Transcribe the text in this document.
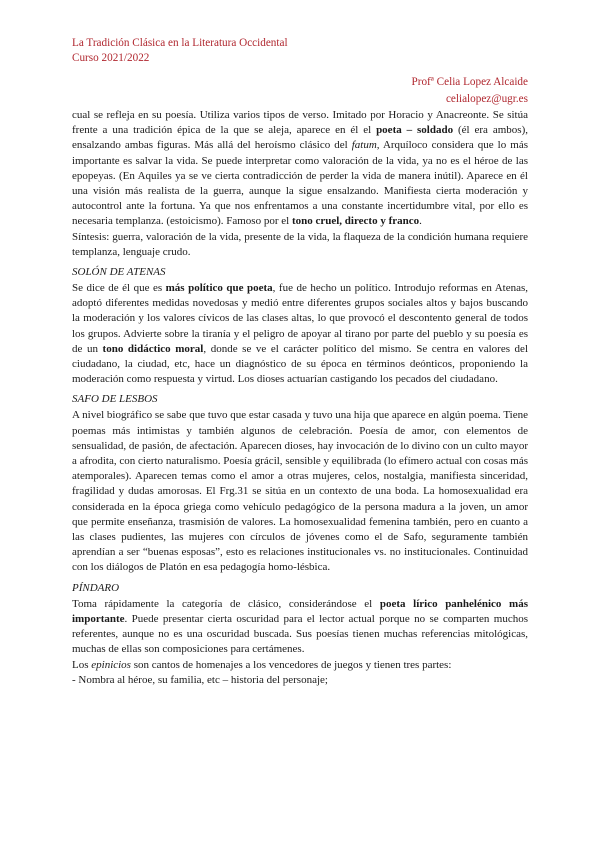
La Tradición Clásica en la Literatura Occidental
Curso 2021/2022
Profª Celia Lopez Alcaide
celialopez@ugr.es

cual se refleja en su poesía. Utiliza varios tipos de verso. Imitado por Horacio y Anacreonte. Se sitúa frente a una tradición épica de la que se aleja, aparece en él el poeta – soldado (él era ambos), ensalzando ambas figuras. Más allá del heroísmo clásico del fatum, Arquíloco considera que lo más importante es salvar la vida. Se puede interpretar como valoración de la vida, ya no es el héroe de las epopeyas. (En Aquiles ya se ve cierta contradicción de perder la vida de manera inútil). Aparece en él una visión más realista de la guerra, aunque la sigue ensalzando. Manifiesta cierta moderación y autocontrol ante la fortuna. Ya que nos enfrentamos a una constante incertidumbre vital, por ello es necesaria templanza. (estoicismo). Famoso por el tono cruel, directo y franco.

Síntesis: guerra, valoración de la vida, presente de la vida, la flaqueza de la condición humana requiere templanza, lenguaje crudo.

SOLÓN DE ATENAS

Se dice de él que es más político que poeta, fue de hecho un político. Introdujo reformas en Atenas, adoptó diferentes medidas novedosas y medió entre diferentes grupos sociales altos y bajos buscando la moderación y los valores cívicos de las clases altas, lo que provocó el descontento general de todos los grupos. Advierte sobre la tiranía y el peligro de apoyar al tirano por parte del pueblo y su poesía es de un tono didáctico moral, donde se ve el carácter político del mismo. Se centra en valores del ciudadano, la ciudad, etc, hace un diagnóstico de su época en términos deónticos, proponiendo la moderación como respuesta y virtud. Los dioses actuarían castigando los pecados del ciudadano.

SAFO DE LESBOS

A nivel biográfico se sabe que tuvo que estar casada y tuvo una hija que aparece en algún poema. Tiene poemas más intimistas y también algunos de celebración. Poesía de amor, con elementos de sensualidad, de pasión, de afectación. Aparecen dioses, hay invocación de lo divino con un culto mayor a afrodita, con cierto naturalismo. Poesía grácil, sensible y equilibrada (lo efímero actual con cosas más atemporales). Aparecen temas como el amor a otras mujeres, celos, nostalgia, manifiesta sinceridad, fragilidad y dudas amorosas. El Frg.31 se sitúa en un contexto de una boda. La homosexualidad era considerada en la época griega como vehículo pedagógico de la persona madura a la joven, un amor que permite enseñanza, trasmisión de valores. La homosexualidad femenina también, pero en cuanto a las clases pudientes, las mujeres con círculos de jóvenes como el de Safo, seguramente también aprendían a ser “buenas esposas”, esto es relaciones institucionales vs. no institucionales. Continuidad con los diálogos de Platón en esa pedagogía homo-lésbica.

PÍNDARO

Toma rápidamente la categoría de clásico, considerándose el poeta lírico panhelénico más importante. Puede presentar cierta oscuridad para el lector actual porque no se comparten muchos referentes, aunque no es una oscuridad buscada. Sus poesías tienen muchas referencias mitológicas, muchas de ellas son composiciones para certámenes.

Los epinicios son cantos de homenajes a los vencedores de juegos y tienen tres partes:

- Nombra al héroe, su familia, etc – historia del personaje;
